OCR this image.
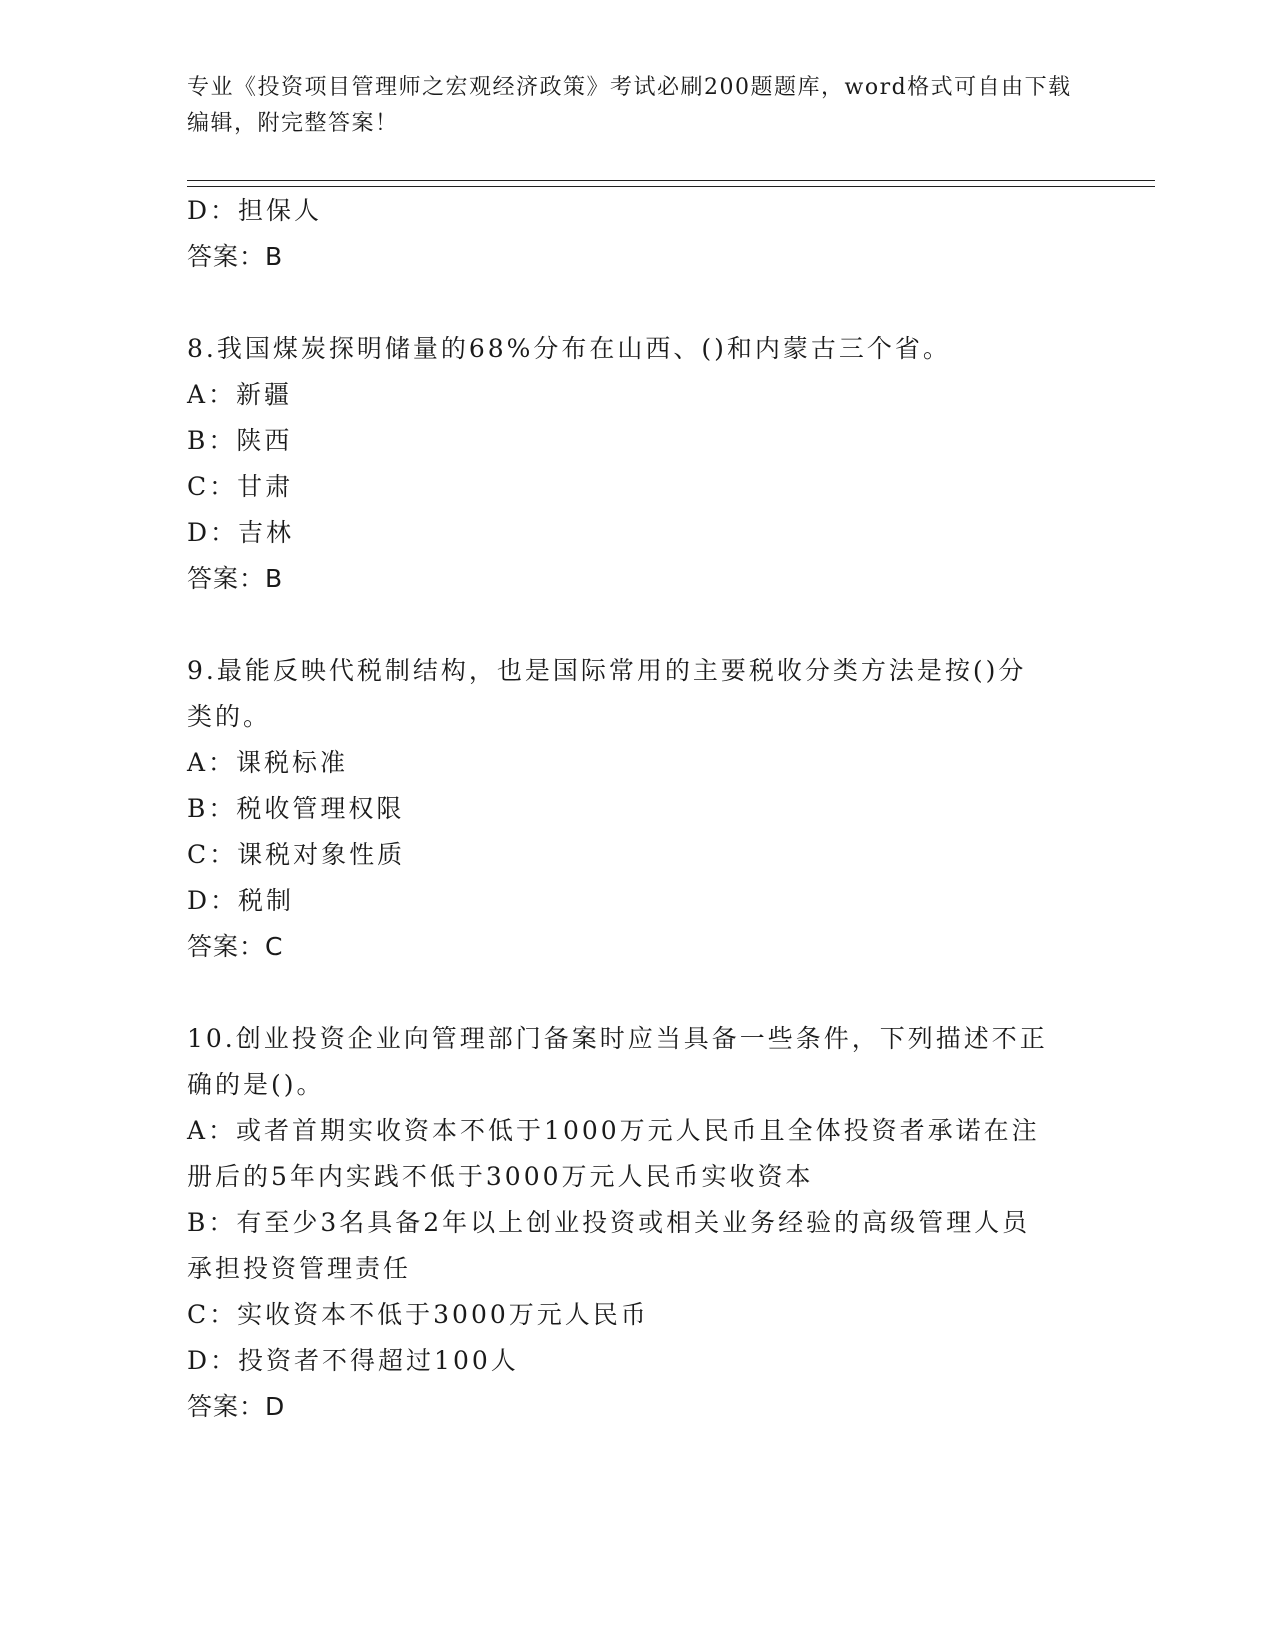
专业《投资项目管理师之宏观经济政策》考试必刷200题题库，word格式可自由下载编辑，附完整答案！
D：担保人
答案：B
8.我国煤炭探明储量的68%分布在山西、()和内蒙古三个省。
A：新疆
B：陕西
C：甘肃
D：吉林
答案：B
9.最能反映代税制结构，也是国际常用的主要税收分类方法是按()分
类的。
A：课税标准
B：税收管理权限
C：课税对象性质
D：税制
答案：C
10.创业投资企业向管理部门备案时应当具备一些条件，下列描述不正
确的是()。
A：或者首期实收资本不低于1000万元人民币且全体投资者承诺在注
册后的5年内实践不低于3000万元人民币实收资本
B：有至少3名具备2年以上创业投资或相关业务经验的高级管理人员
承担投资管理责任
C：实收资本不低于3000万元人民币
D：投资者不得超过100人
答案：D
